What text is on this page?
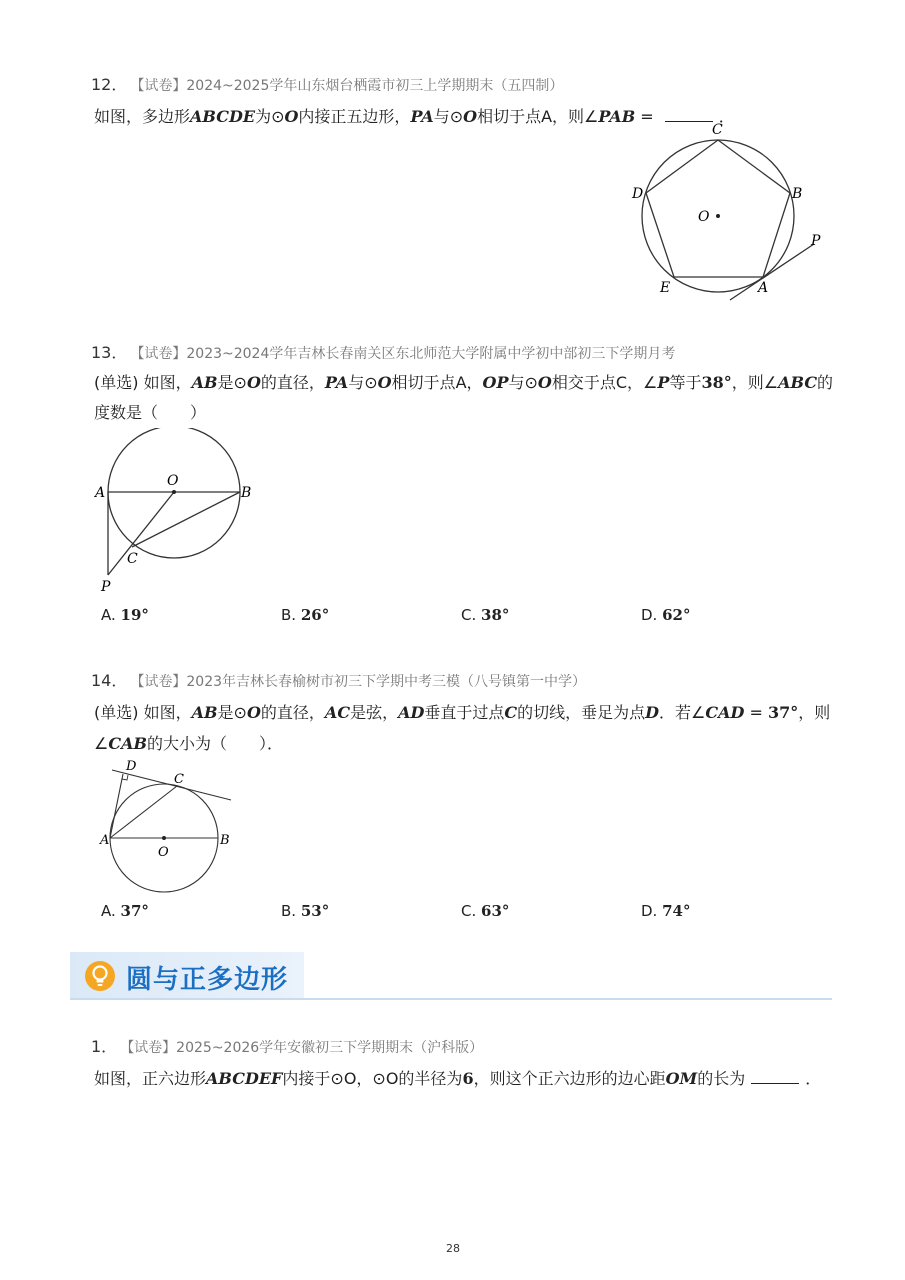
12． 【试卷】2024~2025学年山东烟台栖霞市初三上学期期末（五四制）
如图，多边形ABCDE为⊙O内接正五边形，PA与⊙O相切于点A，则∠PAB =	．
C
D	B
O
P
E	A
13． 【试卷】2023~2024学年吉林长春南关区东北师范大学附属中学初中部初三下学期月考
(单选) 如图，AB是⊙O的直径，PA与⊙O相切于点A，OP与⊙O相交于点C，∠P等于38°，则∠ABC的
度数是（　　）
A
O
B
C
P
A. 19°	B. 26°	C. 38°	D. 62°
14． 【试卷】2023年吉林长春榆树市初三下学期中考三模（八号镇第一中学）
(单选) 如图，AB是⊙O的直径，AC是弦，AD垂直于过点C的切线，垂足为点D．若∠CAD = 37°，则
∠CAB的大小为（　　）．
D
C
A
O
B
A. 37°	B. 53°	C. 63°	D. 74°
圆与正多边形
1． 【试卷】2025~2026学年安徽初三下学期期末（沪科版）
如图，正六边形ABCDEF内接于⊙O，⊙O的半径为6，则这个正六边形的边心距OM的长为	．
28
